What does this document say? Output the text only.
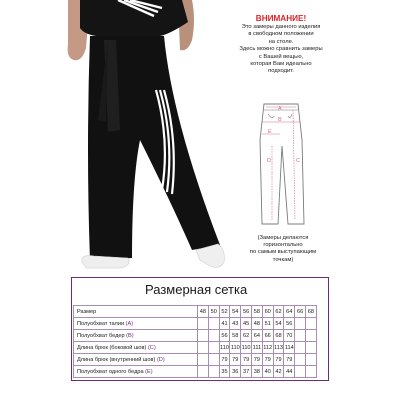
ВНИМАНИЕ!
Это замеры данного изделия
в свободном положении
на столе.
Здесь можно сравнить замеры
с Вашей вещью,
которая Вам идеально
подходит.
A
B
E
D	C
(Замеры делаются
горизонтально
по самым выступающим
точкам)
Размерная сетка
Размер	48	50	52	54	56	58	60	62	64	66	68
Полуобхват талии (A)			41	43	45	48	51	54	56		
Полуобхват бедер (B)			56	58	62	64	66	68	70		
Длина брюк (боковой шов) (C)			110	110	110	111	112	113	114		
Длина брюк (внутренний шов) (D)			79	79	79	79	79	79	79		
Полуобхват одного бедра (E)			35	36	37	38	40	42	44		
